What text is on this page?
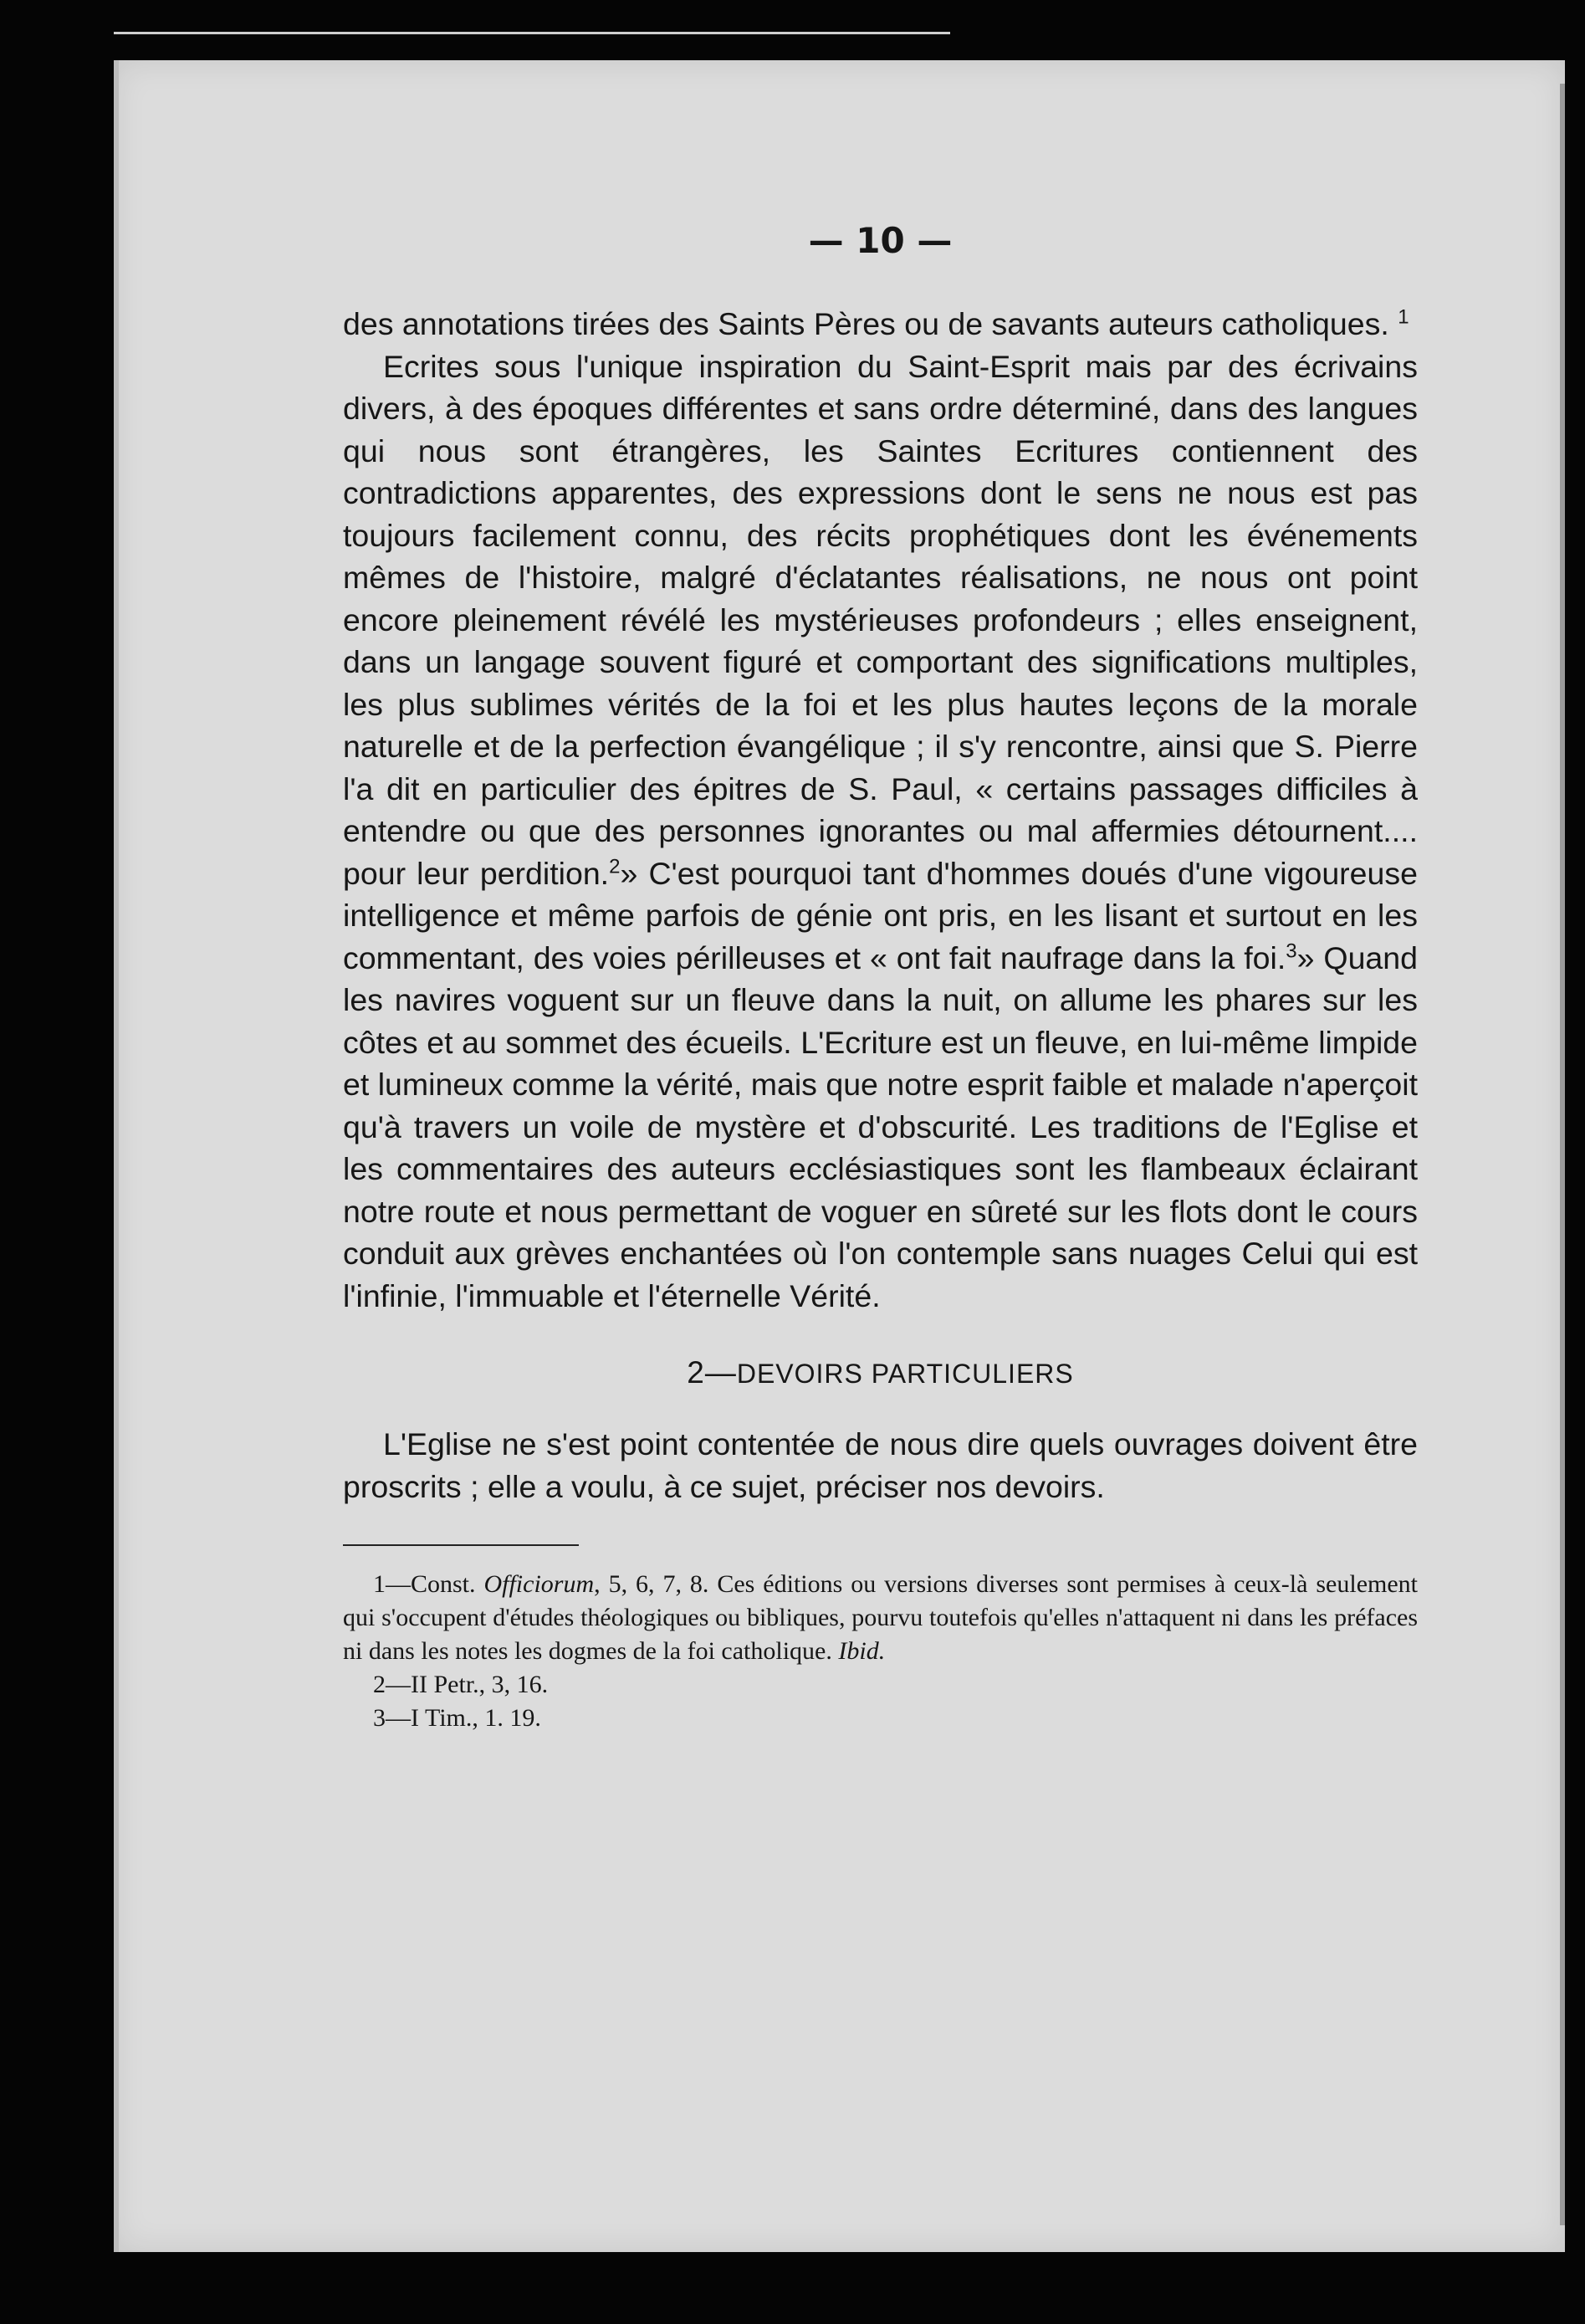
— 10 —

des annotations tirées des Saints Pères ou de savants auteurs catholiques. $^1$

Ecrites sous l'unique inspiration du Saint-Esprit mais par des écrivains divers, à des époques différentes et sans ordre déterminé, dans des langues qui nous sont étrangères, les Saintes Ecritures contiennent des contradictions apparentes, des expressions dont le sens ne nous est pas toujours facilement connu, des récits prophétiques dont les événements mêmes de l'histoire, malgré d'éclatantes réalisations, ne nous ont point encore pleinement révélé les mystérieuses profondeurs ; elles enseignent, dans un langage souvent figuré et comportant des significations multiples, les plus sublimes vérités de la foi et les plus hautes leçons de la morale naturelle et de la perfection évangélique ; il s'y rencontre, ainsi que S. Pierre l'a dit en particulier des épitres de S. Paul, « certains passages difficiles à entendre ou que des personnes ignorantes ou mal affermies détournent.... pour leur perdition.$^2$» C'est pourquoi tant d'hommes doués d'une vigoureuse intelligence et même parfois de génie ont pris, en les lisant et surtout en les commentant, des voies périlleuses et « ont fait naufrage dans la foi.$^3$» Quand les navires voguent sur un fleuve dans la nuit, on allume les phares sur les côtes et au sommet des écueils. L'Ecriture est un fleuve, en lui-même limpide et lumineux comme la vérité, mais que notre esprit faible et malade n'aperçoit qu'à travers un voile de mystère et d'obscurité. Les traditions de l'Eglise et les commentaires des auteurs ecclésiastiques sont les flambeaux éclairant notre route et nous permettant de voguer en sûreté sur les flots dont le cours conduit aux grèves enchantées où l'on contemple sans nuages Celui qui est l'infinie, l'immuable et l'éternelle Vérité.

2—DEVOIRS PARTICULIERS

L'Eglise ne s'est point contentée de nous dire quels ouvrages doivent être proscrits ; elle a voulu, à ce sujet, préciser nos devoirs.

1—Const. Officiorum, 5, 6, 7, 8. Ces éditions ou versions diverses sont permises à ceux-là seulement qui s'occupent d'études théologiques ou bibliques, pourvu toutefois qu'elles n'attaquent ni dans les préfaces ni dans les notes les dogmes de la foi catholique. Ibid.

2—II Petr., 3, 16.

3—I Tim., 1. 19.
